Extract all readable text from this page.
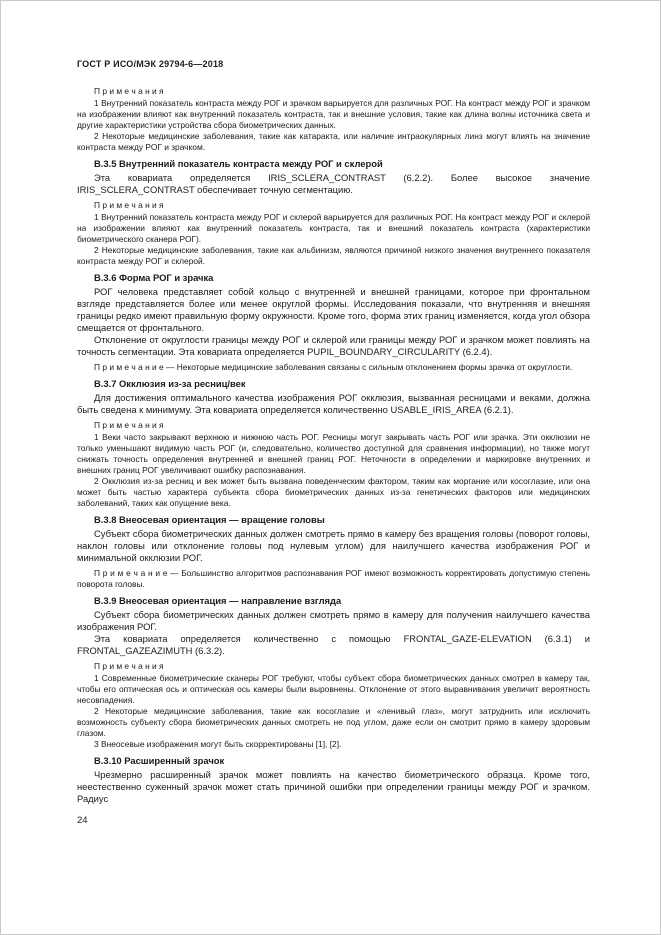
ГОСТ Р ИСО/МЭК 29794-6—2018

П р и м е ч а н и я

1 Внутренний показатель контраста между РОГ и зрачком варьируется для различных РОГ. На контраст между РОГ и зрачком на изображении влияют как внутренний показатель контраста, так и внешние условия, такие как длина волны источника света и другие характеристики устройства сбора биометрических данных.

2 Некоторые медицинские заболевания, такие как катаракта, или наличие интраокулярных линз могут влиять на значение контраста между РОГ и зрачком.

В.3.5 Внутренний показатель контраста между РОГ и склерой

Эта ковариата определяется IRIS_SCLERA_CONTRAST (6.2.2). Более высокое значение IRIS_SCLERA_CONTRAST обеспечивает точную сегментацию.

П р и м е ч а н и я

1 Внутренний показатель контраста между РОГ и склерой варьируется для различных РОГ. На контраст между РОГ и склерой на изображении влияют как внутренний показатель контраста, так и внешний показатель контраста (характеристики биометрического сканера РОГ).

2 Некоторые медицинские заболевания, такие как альбинизм, являются причиной низкого значения внутреннего показателя контраста между РОГ и склерой.

В.3.6 Форма РОГ и зрачка

РОГ человека представляет собой кольцо с внутренней и внешней границами, которое при фронтальном взгляде представляется более или менее округлой формы. Исследования показали, что внутренняя и внешняя границы редко имеют правильную форму окружности. Кроме того, форма этих границ изменяется, когда угол обзора смещается от фронтального.

Отклонение от округлости границы между РОГ и склерой или границы между РОГ и зрачком может повлиять на точность сегментации. Эта ковариата определяется PUPIL_BOUNDARY_CIRCULARITY (6.2.4).

П р и м е ч а н и е — Некоторые медицинские заболевания связаны с сильным отклонением формы зрачка от округлости.

В.3.7 Окклюзия из-за ресниц/век

Для достижения оптимального качества изображения РОГ окклюзия, вызванная ресницами и веками, должна быть сведена к минимуму. Эта ковариата определяется количественно USABLE_IRIS_AREA (6.2.1).

П р и м е ч а н и я

1 Веки часто закрывают верхнюю и нижнюю часть РОГ. Ресницы могут закрывать часть РОГ или зрачка. Эти окклюзии не только уменьшают видимую часть РОГ (и, следовательно, количество доступной для сравнения информации), но также могут снижать точность определения внутренней и внешней границ РОГ. Неточности в определении и маркировке внутренних и внешних границ РОГ увеличивают ошибку распознавания.

2 Окклюзия из-за ресниц и век может быть вызвана поведенческим фактором, таким как моргание или косоглазие, или она может быть частью характера субъекта сбора биометрических данных из-за генетических факторов или медицинских заболеваний, таких как опущение века.

В.3.8 Внеосевая ориентация — вращение головы

Субъект сбора биометрических данных должен смотреть прямо в камеру без вращения головы (поворот головы, наклон головы или отклонение головы под нулевым углом) для наилучшего качества изображения РОГ и минимальной окклюзии РОГ.

П р и м е ч а н и е — Большинство алгоритмов распознавания РОГ имеют возможность корректировать допустимую степень поворота головы.

В.3.9 Внеосевая ориентация — направление взгляда

Субъект сбора биометрических данных должен смотреть прямо в камеру для получения наилучшего качества изображения РОГ.

Эта ковариата определяется количественно с помощью FRONTAL_GAZE-ELEVATION (6.3.1) и FRONTAL_GAZEAZIMUTH (6.3.2).

П р и м е ч а н и я

1 Современные биометрические сканеры РОГ требуют, чтобы субъект сбора биометрических данных смотрел в камеру так, чтобы его оптическая ось и оптическая ось камеры были выровнены. Отклонение от этого выравнивания увеличит вероятность несовпадения.

2 Некоторые медицинские заболевания, такие как косоглазие и «ленивый глаз», могут затруднить или исключить возможность субъекту сбора биометрических данных смотреть не под углом, даже если он смотрит прямо в камеру здоровым глазом.

3 Внеосевые изображения могут быть скорректированы [1], [2].

В.3.10 Расширенный зрачок

Чрезмерно расширенный зрачок может повлиять на качество биометрического образца. Кроме того, неестественно суженный зрачок может стать причиной ошибки при определении границы между РОГ и зрачком. Радиус

24
